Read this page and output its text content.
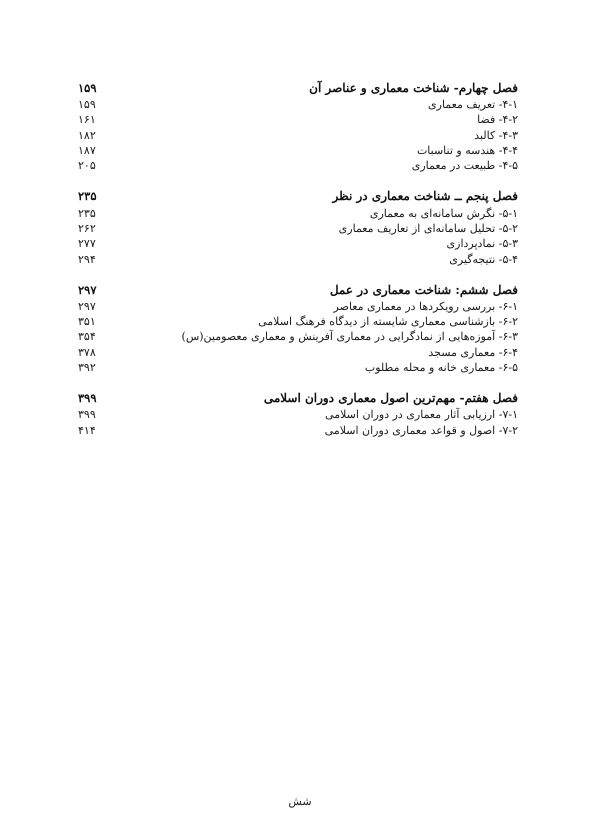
فصل چهارم- شناخت معماری و عناصر آن
۱۵۹
۴-۱- تعریف معماری
۱۵۹
۴-۲- فضا
۱۶۱
۴-۳- کالبد
۱۸۲
۴-۴- هندسه و تناسبات
۱۸۷
۴-۵- طبیعت در معماری
۲۰۵
فصل پنجم ــ شناخت معماری در نظر
۲۳۵
۵-۱- نگرش سامانه‌ای به معماری
۲۳۵
۵-۲- تحلیل سامانه‌ای از تعاریف معماری
۲۶۲
۵-۳- نمادپردازی
۲۷۷
۵-۴- نتیجه‌گیری
۲۹۴
فصل ششم: شناخت معماری در عمل
۲۹۷
۶-۱- بررسی رویکردها در معماری معاصر
۲۹۷
۶-۲- بازشناسی معماری شایسته از دیدگاه فرهنگ اسلامی
۳۵۱
۶-۳- آموزه‌هایی از نمادگرایی در معماری آفرینش و معماری معصومین(س)
۳۵۴
۶-۴- معماری مسجد
۳۷۸
۶-۵- معماری خانه و محله مطلوب
۳۹۲
فصل هفتم- مهم‌ترین اصول معماری دوران اسلامی
۳۹۹
۷-۱- ارزیابی آثار معماری در دوران اسلامی
۳۹۹
۷-۲- اصول و قواعد معماری دوران اسلامی
۴۱۴
شش
